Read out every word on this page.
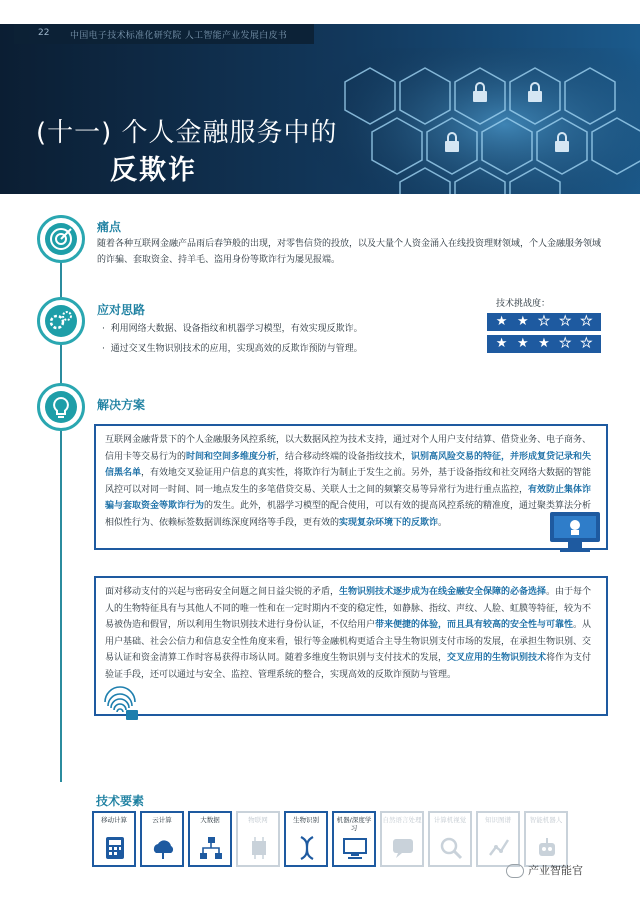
(十一) 个人金融服务中的
反欺诈
22 中国电子技术标准化研究院 人工智能产业发展白皮书
痛点
随着各种互联网金融产品雨后春笋般的出现，对零售信贷的投放，以及大量个人资金涌入在线投资理财领域，个人金融服务领域的诈骗、套取资金、持羊毛、盗用身份等欺诈行为屡见报端。
应对思路
·  利用网络大数据、设备指纹和机器学习模型，有效实现反欺诈。
·  通过交叉生物识别技术的应用，实现高效的反欺诈预防与管理。
技术挑战度：
★ ★ ★ ★ ★
★ ★ ★ ★ ★
解决方案

互联网金融背景下的个人金融服务风控系统，以大数据风控为技术支持，通过对个人用户支付结算、借贷业务、电子商务、信用卡等交易行为的时间和空间多维度分析，结合移动终端的设备指纹技术，识别高风险交易的特征，并形成复贷记录和失信黑名单，有效地交叉验证用户信息的真实性，将欺诈行为制止于发生之前。另外，基于设备指纹和社交网络大数据的智能风控可以对同一时间、同一地点发生的多笔借贷交易、关联人士之间的频繁交易等异常行为进行重点监控，有效防止集体诈骗与套取资金等欺诈行为的发生。此外，机器学习模型的配合使用，可以有效的提高风控系统的精准度，通过聚类算法分析相似性行为、依赖标签数据训练深度网络等手段，更有效的实现复杂环境下的反欺诈。

面对移动支付的兴起与密码安全问题之间日益尖锐的矛盾，生物识别技术逐步成为在线金融安全保障的必备选择。由于每个人的生物特征具有与其他人不同的唯一性和在一定时期内不变的稳定性，如静脉、指纹、声纹、人脸、虹膜等特征，较为不易被伪造和假冒，所以利用生物识别技术进行身份认证，不仅给用户带来便捷的体验，而且具有较高的安全性与可靠性。从用户基础、社会公信力和信息安全性角度来看，银行等金融机构更适合主导生物识别支付市场的发展，在承担生物识别、交易认证和资金清算工作时容易获得市场认同。随着多维度生物识别与支付技术的发展，交叉应用的生物识别技术将作为支付验证手段，还可以通过与安全、监控、管理系统的整合，实现高效的反欺诈预防与管理。

技术要素
移动计算	云计算	大数据	物联网	生物识别	机器/深度学习
自然语言处理	计算机视觉	知识图谱	智能机器人
产业智能官
